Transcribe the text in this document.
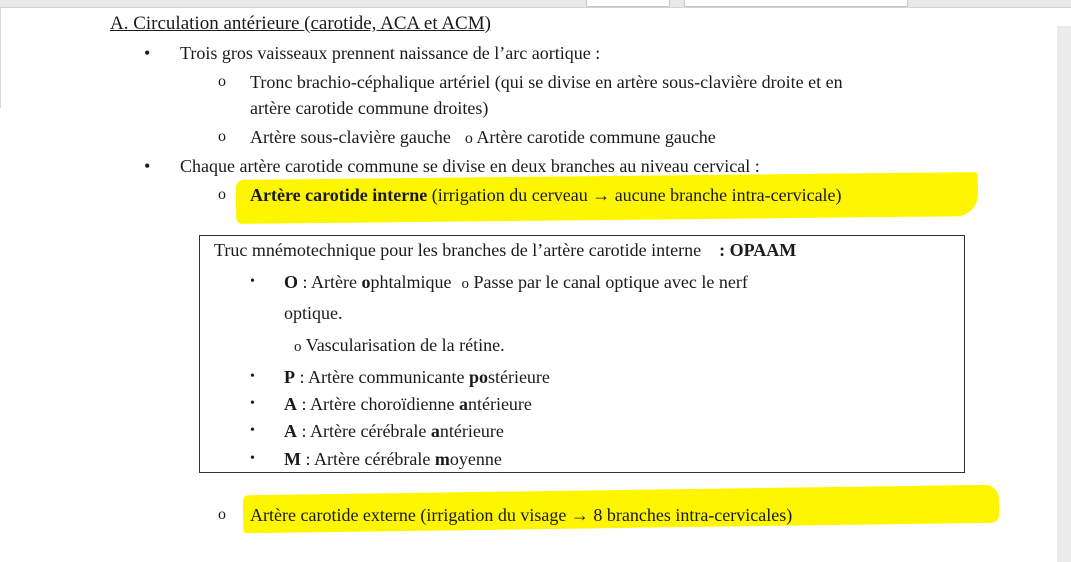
A. Circulation antérieure (carotide, ACA et ACM)
• Trois gros vaisseaux prennent naissance de l’arc aortique :
o Tronc brachio-céphalique artériel (qui se divise en artère sous-clavière droite et en
artère carotide commune droites)
o Artère sous-clavière gauche o Artère carotide commune gauche
• Chaque artère carotide commune se divise en deux branches au niveau cervical :
o Artère carotide interne (irrigation du cerveau → aucune branche intra-cervicale)
Truc mnémotechnique pour les branches de l’artère carotide interne : OPAAM
• O : Artère ophtalmique o Passe par le canal optique avec le nerf
optique.
o Vascularisation de la rétine.
• P : Artère communicante postérieure
• A : Artère choroïdienne antérieure
• A : Artère cérébrale antérieure
• M : Artère cérébrale moyenne
o Artère carotide externe (irrigation du visage → 8 branches intra-cervicales)
